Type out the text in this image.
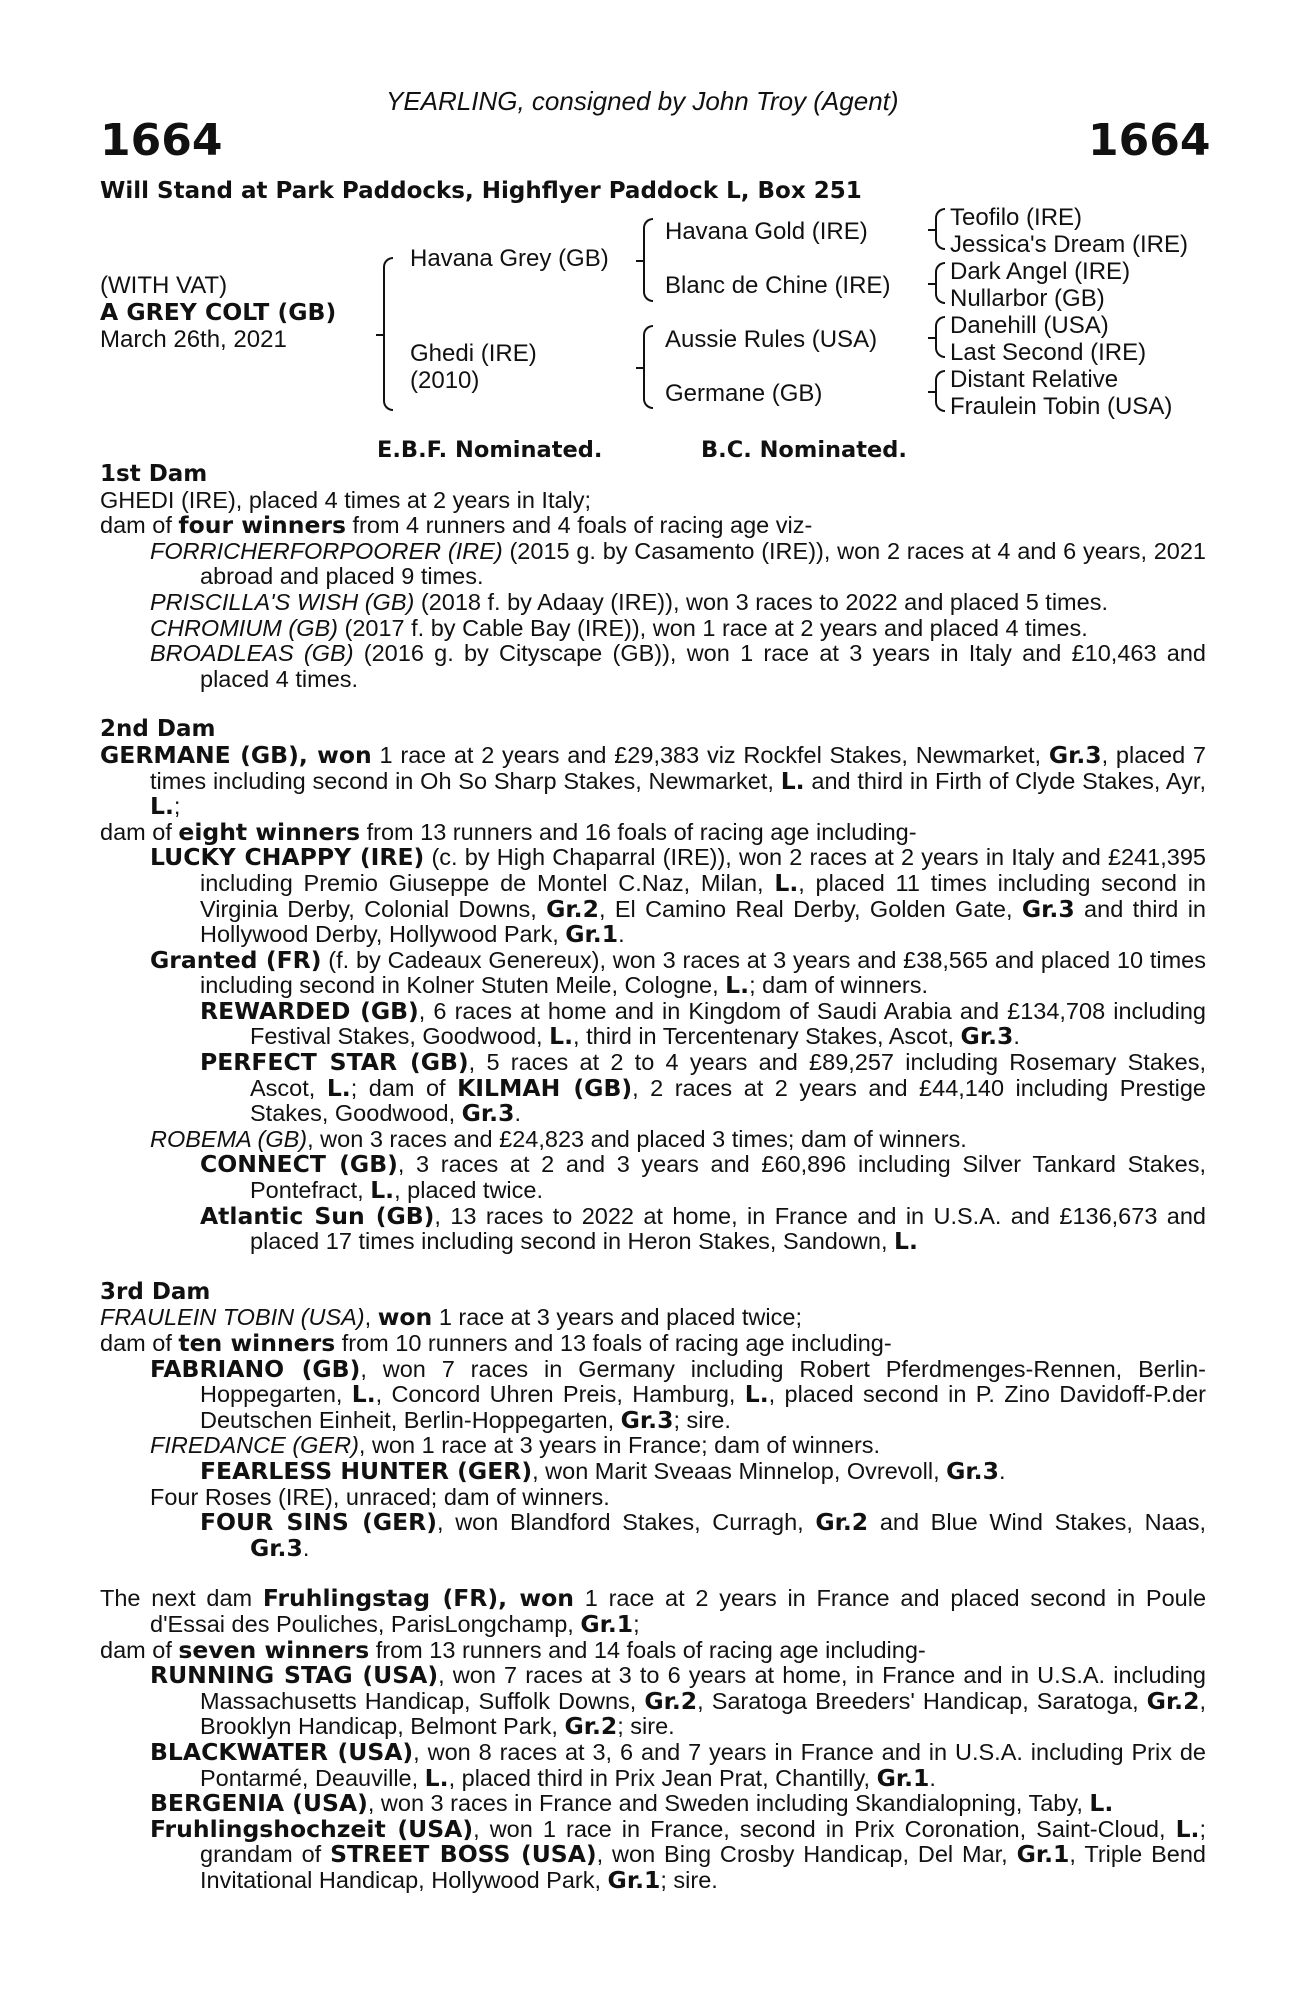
YEARLING, consigned by John Troy (Agent)
1664	1664
Will Stand at Park Paddocks, Highflyer Paddock L, Box 251
(WITH VAT)
A GREY COLT (GB)
March 26th, 2021
Havana Grey (GB)
Ghedi (IRE)
(2010)
Havana Gold (IRE)
Blanc de Chine (IRE)
Aussie Rules (USA)
Germane (GB)
Teofilo (IRE)
Jessica's Dream (IRE)
Dark Angel (IRE)
Nullarbor (GB)
Danehill (USA)
Last Second (IRE)
Distant Relative
Fraulein Tobin (USA)
E.B.F. Nominated.	B.C. Nominated.

1st Dam

GHEDI (IRE), placed 4 times at 2 years in Italy;

dam of four winners from 4 runners and 4 foals of racing age viz-

FORRICHERFORPOORER (IRE) (2015 g. by Casamento (IRE)), won 2 races at 4 and 6 years, 2021 abroad and placed 9 times.

PRISCILLA'S WISH (GB) (2018 f. by Adaay (IRE)), won 3 races to 2022 and placed 5 times.

CHROMIUM (GB) (2017 f. by Cable Bay (IRE)), won 1 race at 2 years and placed 4 times.

BROADLEAS (GB) (2016 g. by Cityscape (GB)), won 1 race at 3 years in Italy and £10,463 and placed 4 times.

2nd Dam

GERMANE (GB), won 1 race at 2 years and £29,383 viz Rockfel Stakes, Newmarket, Gr.3, placed 7 times including second in Oh So Sharp Stakes, Newmarket, L. and third in Firth of Clyde Stakes, Ayr, L.;

dam of eight winners from 13 runners and 16 foals of racing age including-

LUCKY CHAPPY (IRE) (c. by High Chaparral (IRE)), won 2 races at 2 years in Italy and £241,395 including Premio Giuseppe de Montel C.Naz, Milan, L., placed 11 times including second in Virginia Derby, Colonial Downs, Gr.2, El Camino Real Derby, Golden Gate, Gr.3 and third in Hollywood Derby, Hollywood Park, Gr.1.

Granted (FR) (f. by Cadeaux Genereux), won 3 races at 3 years and £38,565 and placed 10 times including second in Kolner Stuten Meile, Cologne, L.; dam of winners.

REWARDED (GB), 6 races at home and in Kingdom of Saudi Arabia and £134,708 including Festival Stakes, Goodwood, L., third in Tercentenary Stakes, Ascot, Gr.3.

PERFECT STAR (GB), 5 races at 2 to 4 years and £89,257 including Rosemary Stakes, Ascot, L.; dam of KILMAH (GB), 2 races at 2 years and £44,140 including Prestige Stakes, Goodwood, Gr.3.

ROBEMA (GB), won 3 races and £24,823 and placed 3 times; dam of winners.

CONNECT (GB), 3 races at 2 and 3 years and £60,896 including Silver Tankard Stakes, Pontefract, L., placed twice.

Atlantic Sun (GB), 13 races to 2022 at home, in France and in U.S.A. and £136,673 and placed 17 times including second in Heron Stakes, Sandown, L.

3rd Dam

FRAULEIN TOBIN (USA), won 1 race at 3 years and placed twice;

dam of ten winners from 10 runners and 13 foals of racing age including-

FABRIANO (GB), won 7 races in Germany including Robert Pferdmenges-Rennen, Berlin-Hoppegarten, L., Concord Uhren Preis, Hamburg, L., placed second in P. Zino Davidoff-P.der Deutschen Einheit, Berlin-Hoppegarten, Gr.3; sire.

FIREDANCE (GER), won 1 race at 3 years in France; dam of winners.

FEARLESS HUNTER (GER), won Marit Sveaas Minnelop, Ovrevoll, Gr.3.

Four Roses (IRE), unraced; dam of winners.

FOUR SINS (GER), won Blandford Stakes, Curragh, Gr.2 and Blue Wind Stakes, Naas, Gr.3.

The next dam Fruhlingstag (FR), won 1 race at 2 years in France and placed second in Poule d'Essai des Pouliches, ParisLongchamp, Gr.1;

dam of seven winners from 13 runners and 14 foals of racing age including-

RUNNING STAG (USA), won 7 races at 3 to 6 years at home, in France and in U.S.A. including Massachusetts Handicap, Suffolk Downs, Gr.2, Saratoga Breeders' Handicap, Saratoga, Gr.2, Brooklyn Handicap, Belmont Park, Gr.2; sire.

BLACKWATER (USA), won 8 races at 3, 6 and 7 years in France and in U.S.A. including Prix de Pontarmé, Deauville, L., placed third in Prix Jean Prat, Chantilly, Gr.1.

BERGENIA (USA), won 3 races in France and Sweden including Skandialopning, Taby, L.

Fruhlingshochzeit (USA), won 1 race in France, second in Prix Coronation, Saint-Cloud, L.; grandam of STREET BOSS (USA), won Bing Crosby Handicap, Del Mar, Gr.1, Triple Bend Invitational Handicap, Hollywood Park, Gr.1; sire.
